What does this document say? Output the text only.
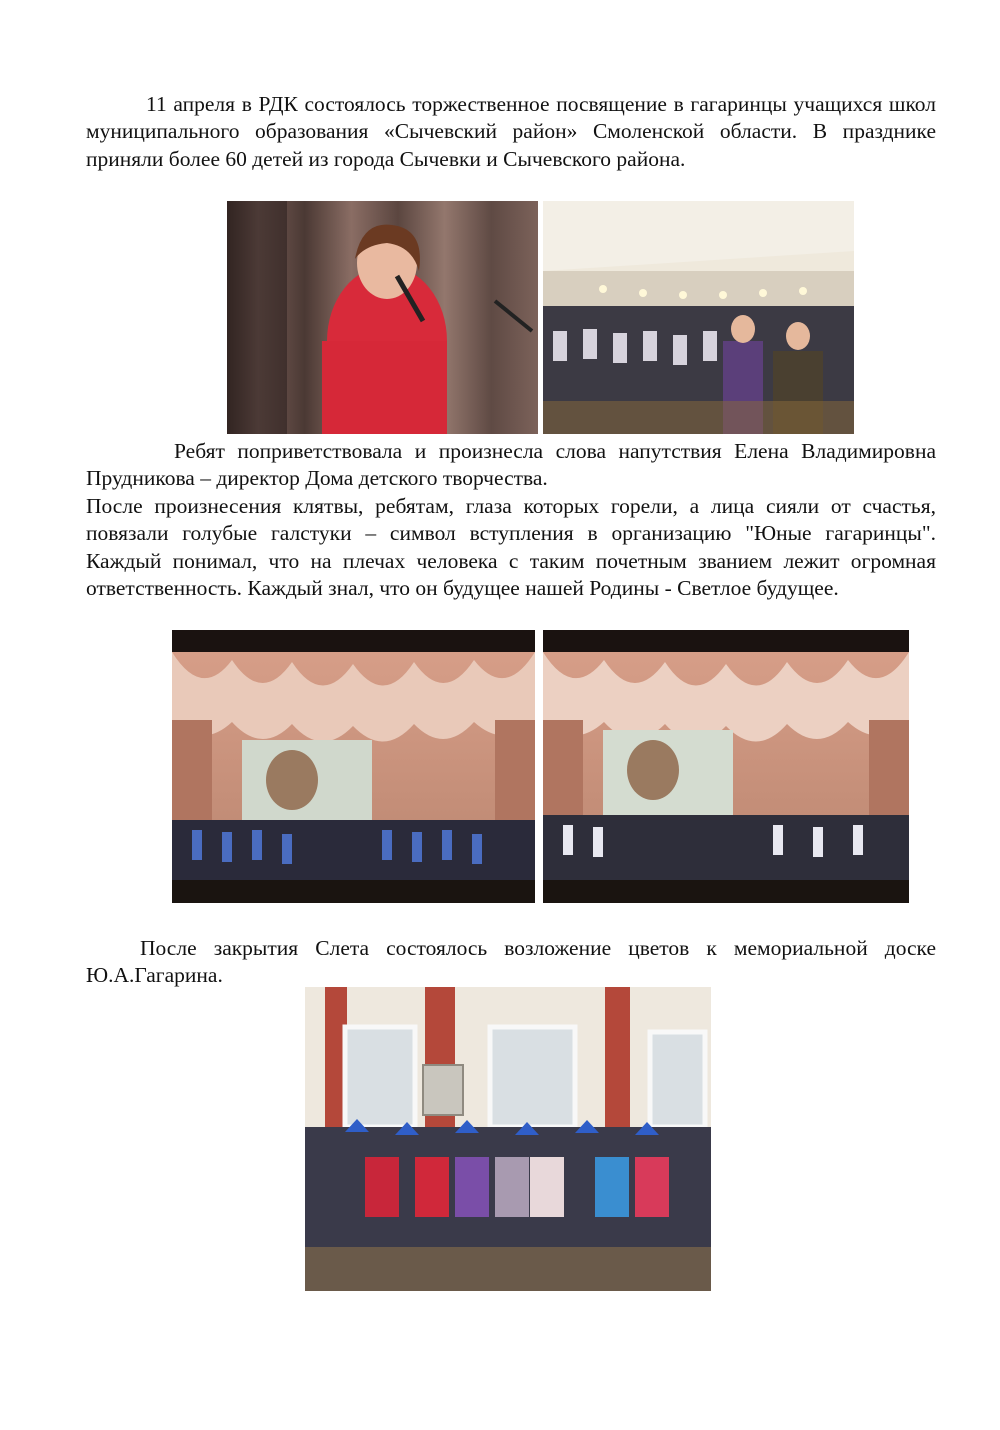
11 апреля в РДК состоялось торжественное посвящение в гагаринцы учащихся школ муниципального образования «Сычевский район» Смоленской области. В празднике приняли более 60 детей из города Сычевки и Сычевского района.

Ребят поприветствовала и произнесла слова напутствия Елена Владимировна Прудникова – директор Дома детского творчества.

После произнесения клятвы, ребятам, глаза которых горели, а лица сияли от счастья, повязали голубые галстуки – символ вступления в организацию "Юные гагаринцы". Каждый понимал, что на плечах человека с таким почетным званием лежит огромная ответственность. Каждый знал, что он будущее нашей Родины - Светлое будущее.

После закрытия Слета состоялось возложение цветов к мемориальной доске Ю.А.Гагарина.
